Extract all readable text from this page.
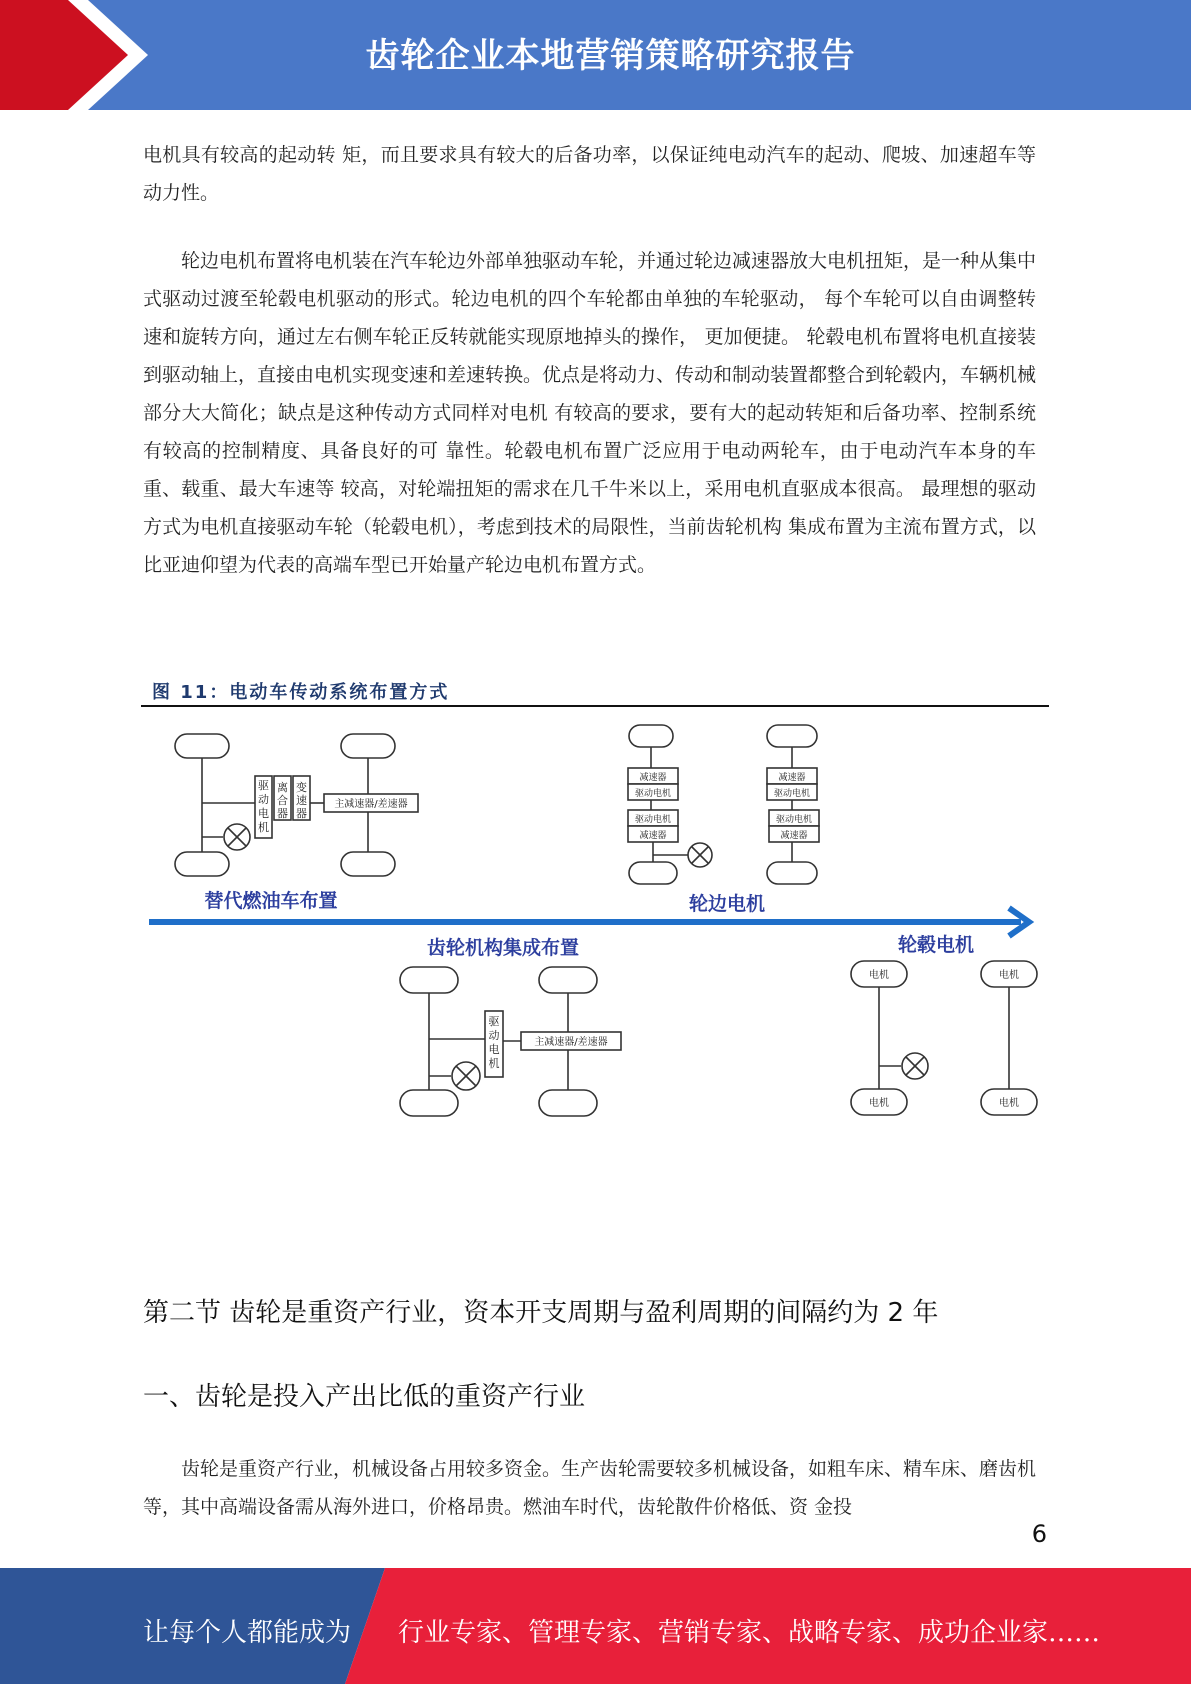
齿轮企业本地营销策略研究报告

电机具有较高的起动转 矩，而且要求具有较大的后备功率，以保证纯电动汽车的起动、爬坡、加速超车等动力性。

轮边电机布置将电机装在汽车轮边外部单独驱动车轮，并通过轮边减速器放大电机扭矩，是一种从集中式驱动过渡至轮毂电机驱动的形式。轮边电机的四个车轮都由单独的车轮驱动， 每个车轮可以自由调整转速和旋转方向，通过左右侧车轮正反转就能实现原地掉头的操作， 更加便捷。 轮毂电机布置将电机直接装到驱动轴上，直接由电机实现变速和差速转换。优点是将动力、传动和制动装置都整合到轮毂内，车辆机械部分大大简化；缺点是这种传动方式同样对电机 有较高的要求，要有大的起动转矩和后备功率、控制系统有较高的控制精度、具备良好的可 靠性。轮毂电机布置广泛应用于电动两轮车，由于电动汽车本身的车重、载重、最大车速等 较高，对轮端扭矩的需求在几千牛米以上，采用电机直驱成本很高。 最理想的驱动方式为电机直接驱动车轮（轮毂电机），考虑到技术的局限性，当前齿轮机构 集成布置为主流布置方式，以比亚迪仰望为代表的高端车型已开始量产轮边电机布置方式。

图 11：电动车传动系统布置方式
驱
动
电
机
离
合
器
变
速
器
主减速器/差速器
减速器
驱动电机
减速器
驱动电机
驱动电机
减速器
驱动电机
减速器
驱
动
电
机
主减速器/差速器
电机	电机
电机	电机
替代燃油车布置	轮边电机
齿轮机构集成布置	轮毂电机
第二节 齿轮是重资产行业，资本开支周期与盈利周期的间隔约为 2 年
一、齿轮是投入产出比低的重资产行业

齿轮是重资产行业，机械设备占用较多资金。生产齿轮需要较多机械设备，如粗车床、精车床、磨齿机等，其中高端设备需从海外进口，价格昂贵。燃油车时代，齿轮散件价格低、资 金投

6
让每个人都能成为 行业专家、管理专家、营销专家、战略专家、成功企业家……
